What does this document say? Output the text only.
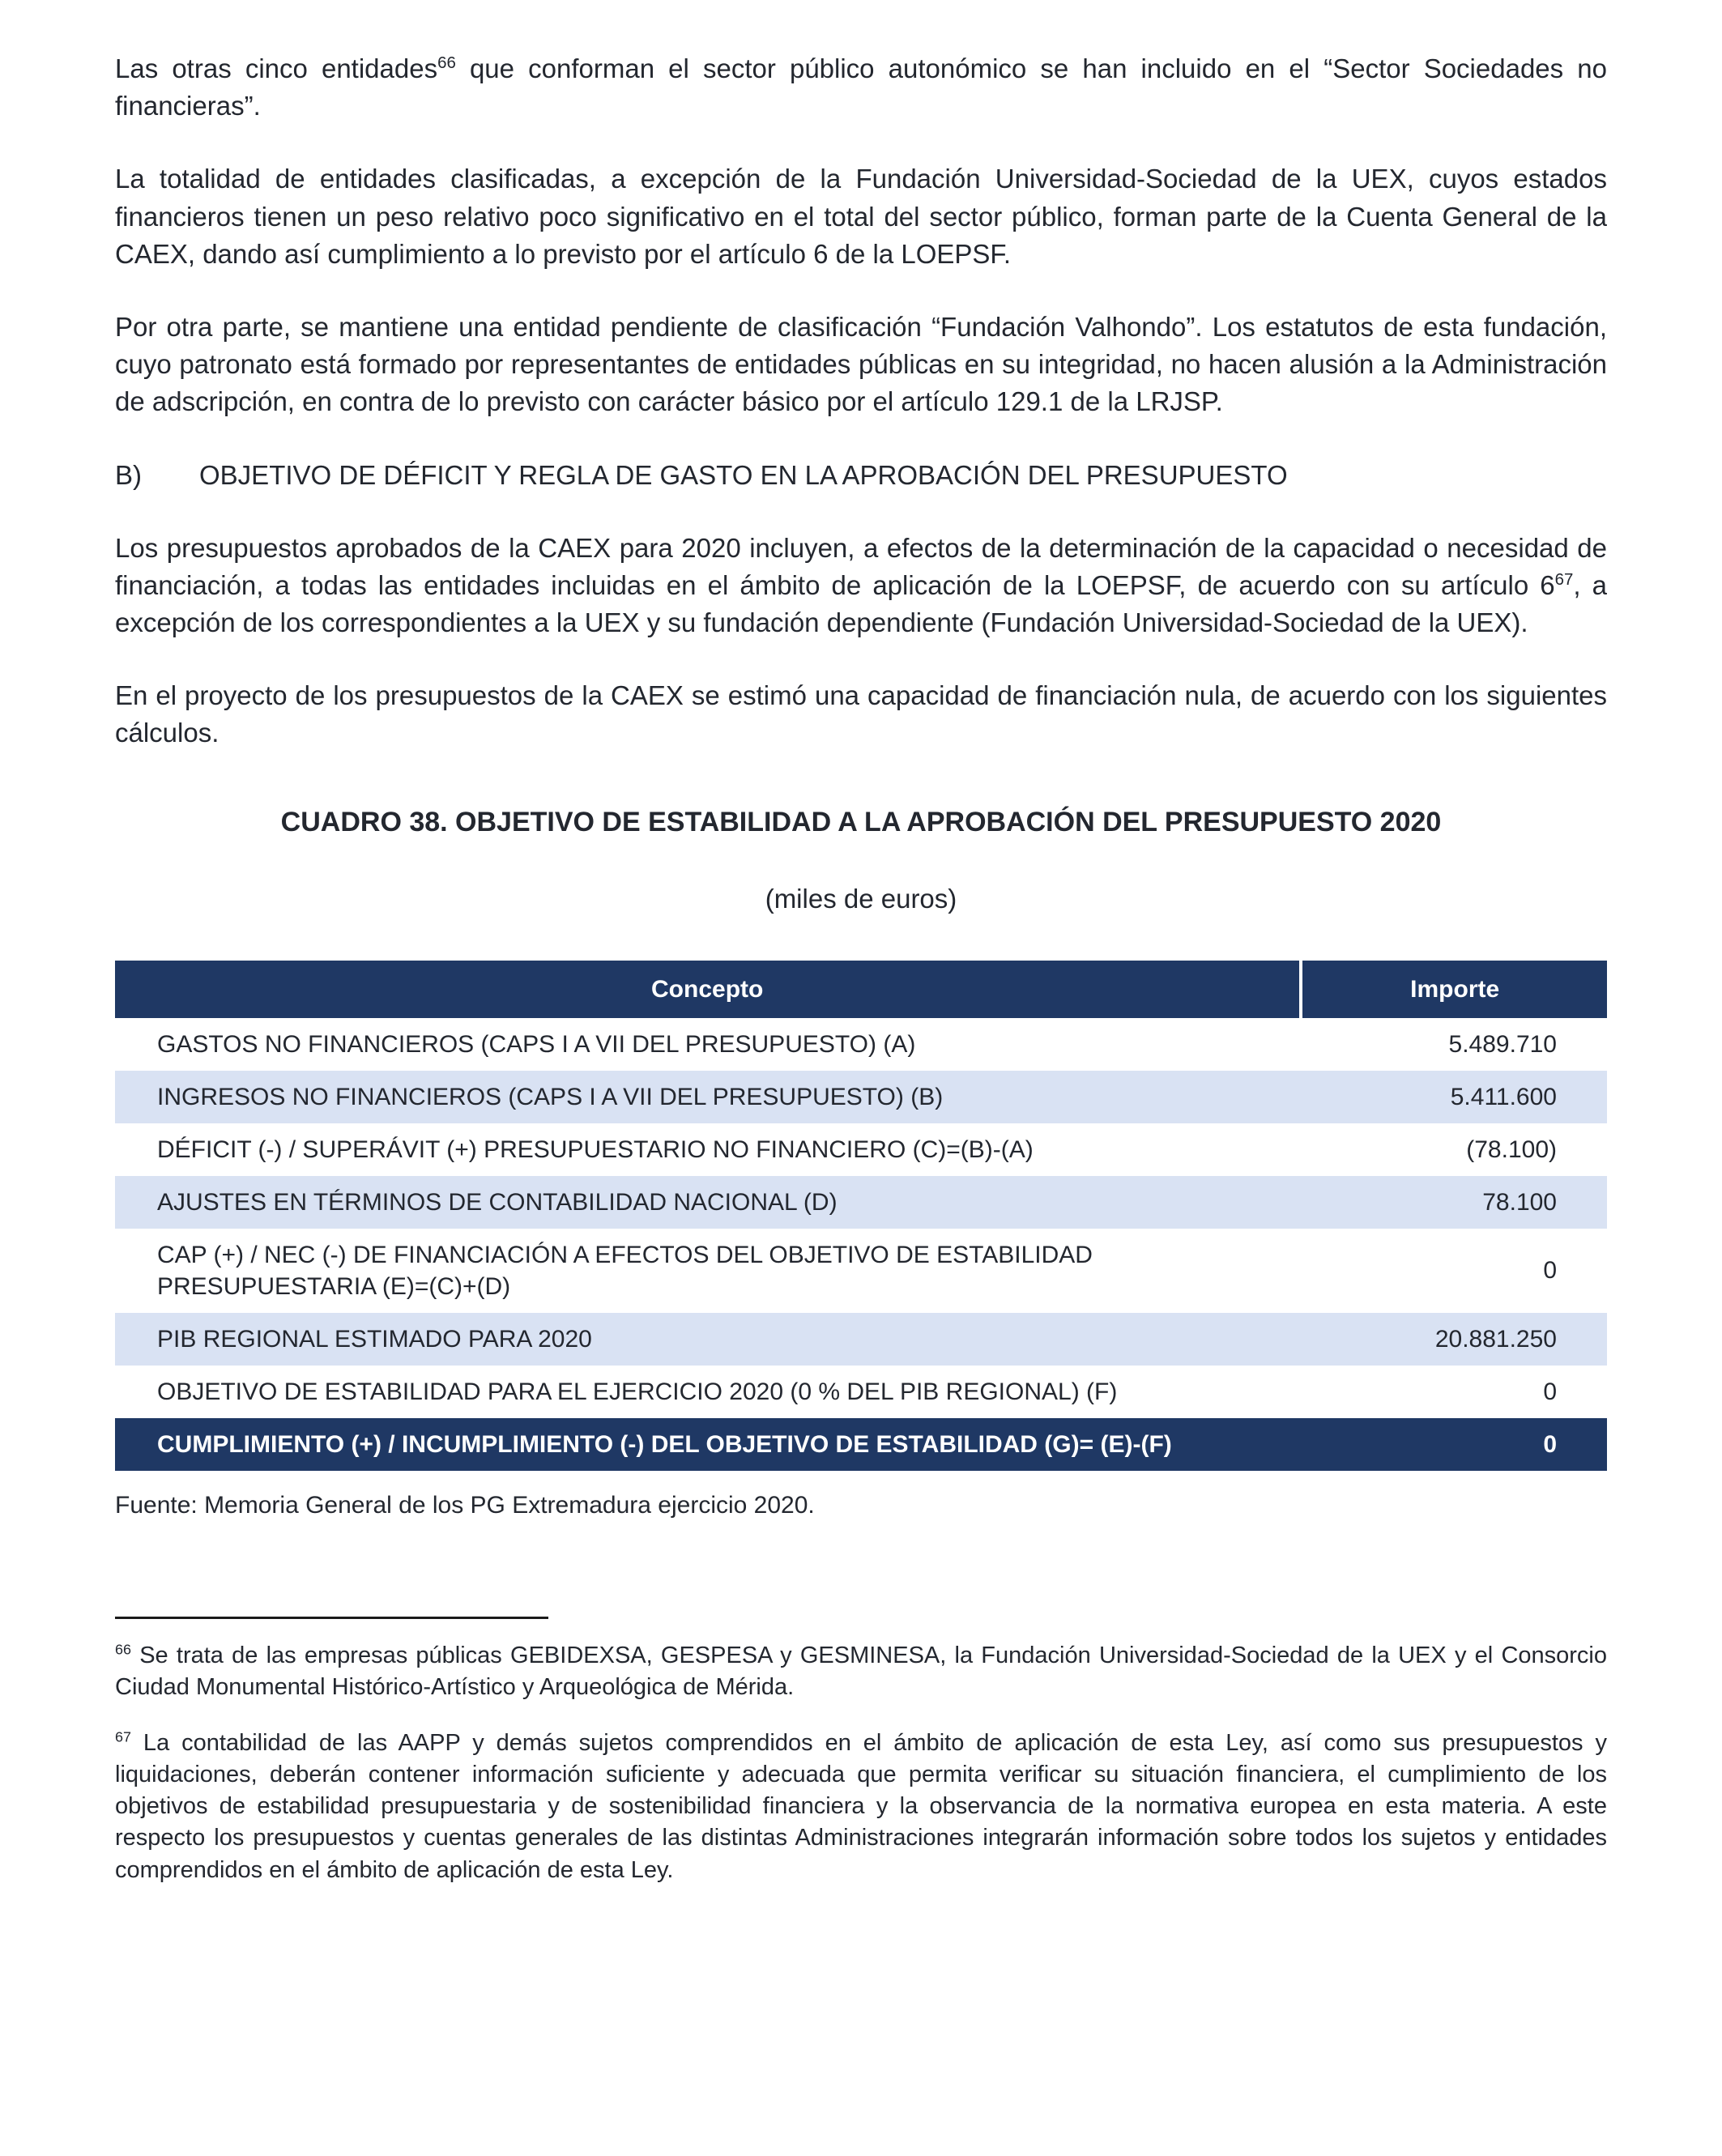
Las otras cinco entidades$^{66}$ que conforman el sector público autonómico se han incluido en el “Sector Sociedades no financieras”.

La totalidad de entidades clasificadas, a excepción de la Fundación Universidad-Sociedad de la UEX, cuyos estados financieros tienen un peso relativo poco significativo en el total del sector público, forman parte de la Cuenta General de la CAEX, dando así cumplimiento a lo previsto por el artículo 6 de la LOEPSF.

Por otra parte, se mantiene una entidad pendiente de clasificación “Fundación Valhondo”. Los estatutos de esta fundación, cuyo patronato está formado por representantes de entidades públicas en su integridad, no hacen alusión a la Administración de adscripción, en contra de lo previsto con carácter básico por el artículo 129.1 de la LRJSP.

B) OBJETIVO DE DÉFICIT Y REGLA DE GASTO EN LA APROBACIÓN DEL PRESUPUESTO

Los presupuestos aprobados de la CAEX para 2020 incluyen, a efectos de la determinación de la capacidad o necesidad de financiación, a todas las entidades incluidas en el ámbito de aplicación de la LOEPSF, de acuerdo con su artículo $6^{67}$, a excepción de los correspondientes a la UEX y su fundación dependiente (Fundación Universidad-Sociedad de la UEX).

En el proyecto de los presupuestos de la CAEX se estimó una capacidad de financiación nula, de acuerdo con los siguientes cálculos.

CUADRO 38. OBJETIVO DE ESTABILIDAD A LA APROBACIÓN DEL PRESUPUESTO 2020
(miles de euros)
Concepto	Importe
GASTOS NO FINANCIEROS (CAPS I A VII DEL PRESUPUESTO) (A)	5.489.710
INGRESOS NO FINANCIEROS (CAPS I A VII DEL PRESUPUESTO) (B)	5.411.600
DÉFICIT (-) / SUPERÁVIT (+) PRESUPUESTARIO NO FINANCIERO (C)=(B)-(A)	(78.100)
AJUSTES EN TÉRMINOS DE CONTABILIDAD NACIONAL (D)	78.100
CAP (+) / NEC (-) DE FINANCIACIÓN A EFECTOS DEL OBJETIVO DE ESTABILIDAD PRESUPUESTARIA (E)=(C)+(D)	0
PIB REGIONAL ESTIMADO PARA 2020	20.881.250
OBJETIVO DE ESTABILIDAD PARA EL EJERCICIO 2020 (0 % DEL PIB REGIONAL) (F)	0
CUMPLIMIENTO (+) / INCUMPLIMIENTO (-) DEL OBJETIVO DE ESTABILIDAD (G)= (E)-(F)	0

Fuente: Memoria General de los PG Extremadura ejercicio 2020.

$^{66}$ Se trata de las empresas públicas GEBIDEXSA, GESPESA y GESMINESA, la Fundación Universidad-Sociedad de la UEX y el Consorcio Ciudad Monumental Histórico-Artístico y Arqueológica de Mérida.

$^{67}$ La contabilidad de las AAPP y demás sujetos comprendidos en el ámbito de aplicación de esta Ley, así como sus presupuestos y liquidaciones, deberán contener información suficiente y adecuada que permita verificar su situación financiera, el cumplimiento de los objetivos de estabilidad presupuestaria y de sostenibilidad financiera y la observancia de la normativa europea en esta materia. A este respecto los presupuestos y cuentas generales de las distintas Administraciones integrarán información sobre todos los sujetos y entidades comprendidos en el ámbito de aplicación de esta Ley.
